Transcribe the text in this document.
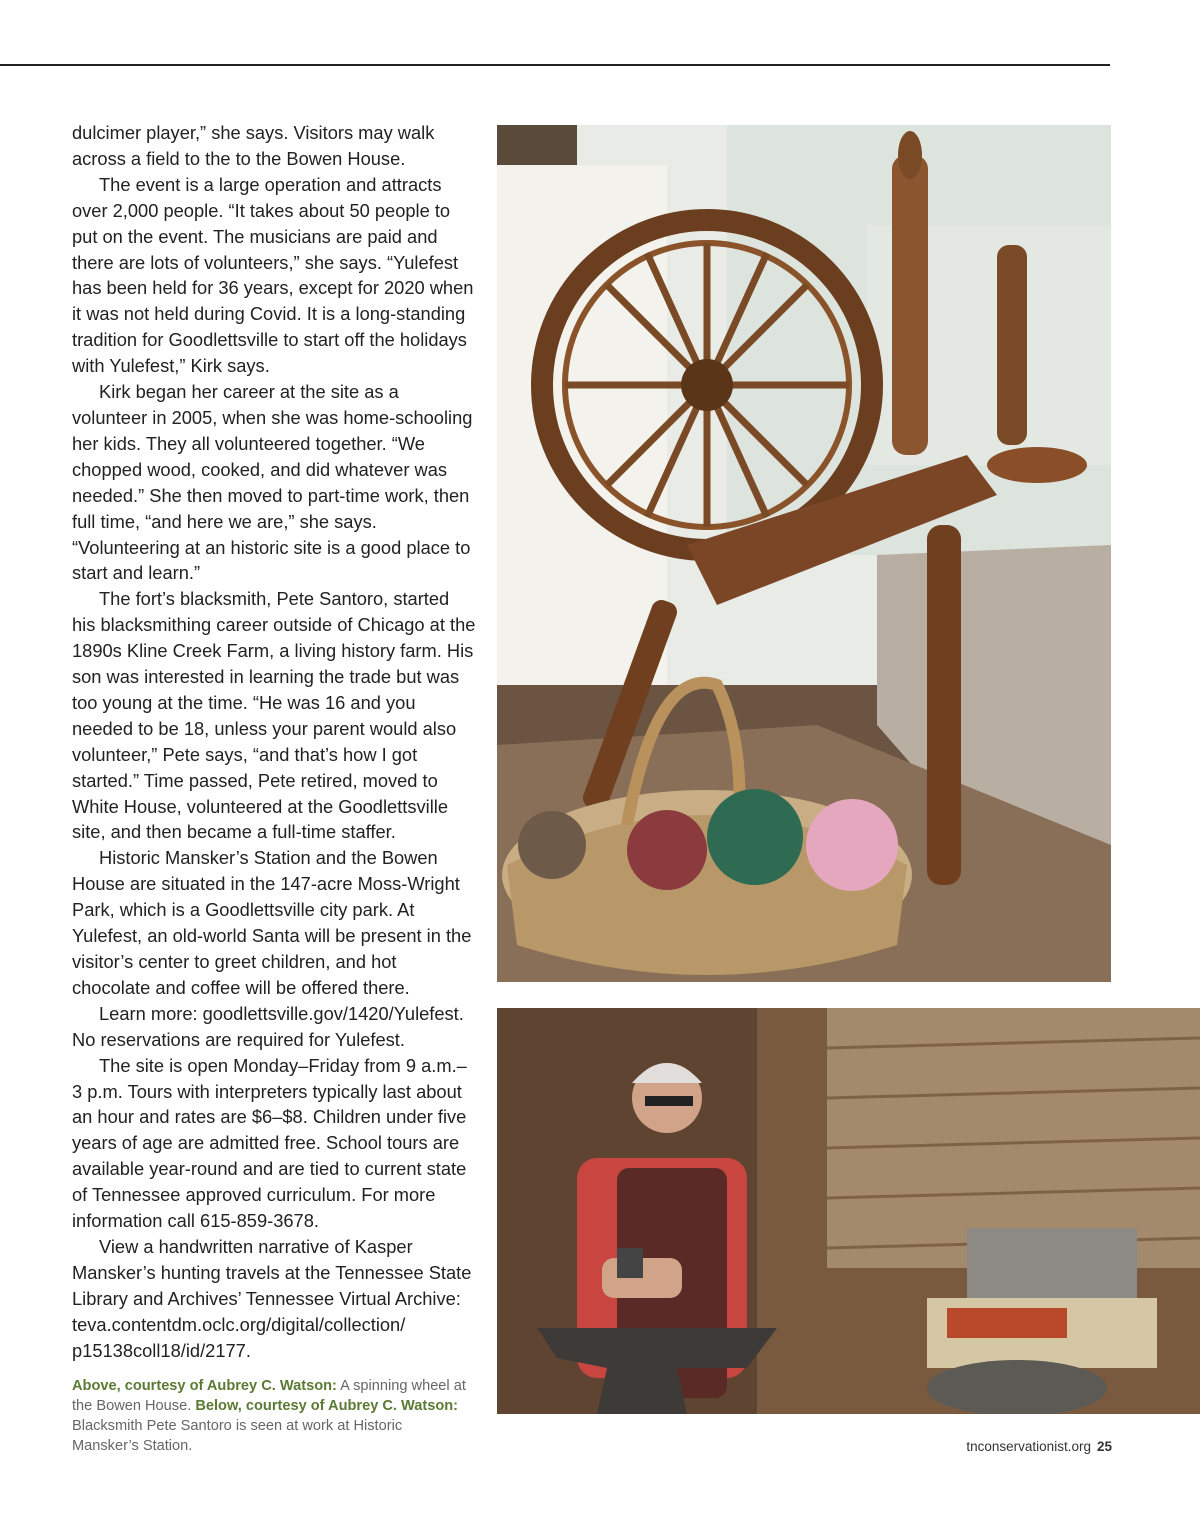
dulcimer player,” she says. Visitors may walk across a field to the to the Bowen House.

The event is a large operation and attracts over 2,000 people. “It takes about 50 people to put on the event. The musicians are paid and there are lots of volunteers,” she says. “Yulefest has been held for 36 years, except for 2020 when it was not held during Covid. It is a long-standing tradition for Goodlettsville to start off the holidays with Yulefest,” Kirk says.

Kirk began her career at the site as a volunteer in 2005, when she was home-schooling her kids. They all volunteered together. “We chopped wood, cooked, and did whatever was needed.” She then moved to part-time work, then full time, “and here we are,” she says. “Volunteering at an historic site is a good place to start and learn.”

The fort’s blacksmith, Pete Santoro, started his blacksmithing career outside of Chicago at the 1890s Kline Creek Farm, a living history farm. His son was interested in learning the trade but was too young at the time. “He was 16 and you needed to be 18, unless your parent would also volunteer,” Pete says, “and that’s how I got started.” Time passed, Pete retired, moved to White House, volunteered at the Goodlettsville site, and then became a full-time staffer.

Historic Mansker’s Station and the Bowen House are situated in the 147-acre Moss-Wright Park, which is a Goodlettsville city park. At Yulefest, an old-world Santa will be present in the visitor’s center to greet children, and hot chocolate and coffee will be offered there.

Learn more: goodlettsville.gov/1420/Yulefest. No reservations are required for Yulefest.

The site is open Monday–Friday from 9 a.m.– 3 p.m. Tours with interpreters typically last about an hour and rates are $6–$8. Children under five years of age are admitted free. School tours are available year-round and are tied to current state of Tennessee approved curriculum. For more information call 615-859-3678.

View a handwritten narrative of Kasper Mansker’s hunting travels at the Tennessee State Library and Archives’ Tennessee Virtual Archive: teva.contentdm.oclc.org/digital/collection/ p15138coll18/id/2177.

Above, courtesy of Aubrey C. Watson: A spinning wheel at the Bowen House. Below, courtesy of Aubrey C. Watson: Blacksmith Pete Santoro is seen at work at Historic Mansker’s Station.	tnconservationist.org 25
